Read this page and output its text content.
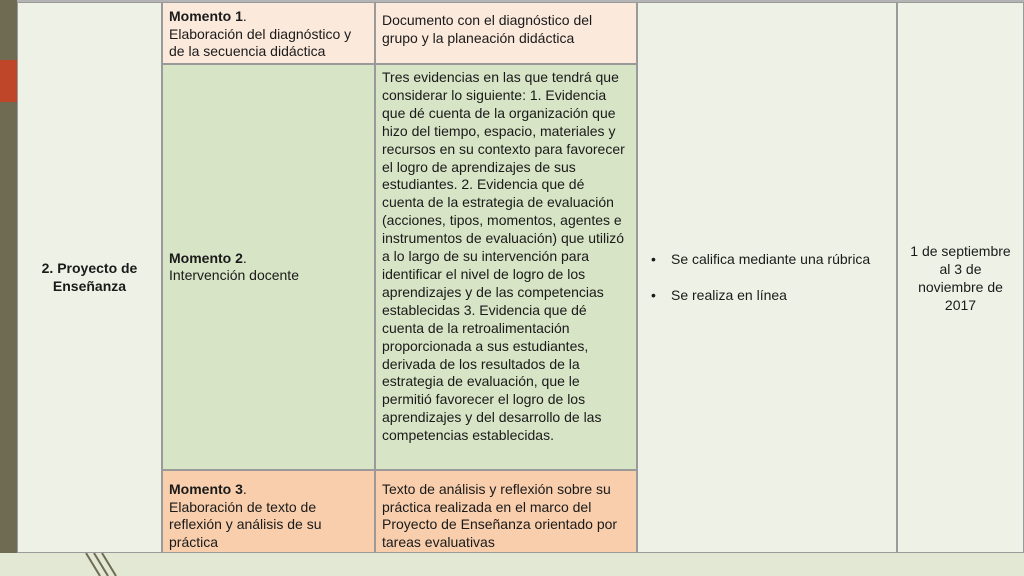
2. Proyecto de Enseñanza
Momento 1.
Elaboración del diagnóstico y de la secuencia didáctica
Documento con el diagnóstico del grupo y la planeación didáctica
Momento 2.
Intervención docente
Tres evidencias en las que tendrá que considerar lo siguiente: 1. Evidencia que dé cuenta de la organización que hizo del tiempo, espacio, materiales y recursos en su contexto para favorecer el logro de aprendizajes de sus estudiantes. 2. Evidencia que dé cuenta de la estrategia de evaluación (acciones, tipos, momentos, agentes e instrumentos de evaluación) que utilizó a lo largo de su intervención para identificar el nivel de logro de los aprendizajes y de las competencias establecidas 3. Evidencia que dé cuenta de la retroalimentación proporcionada a sus estudiantes, derivada de los resultados de la estrategia de evaluación, que le permitió favorecer el logro de los aprendizajes y del desarrollo de las competencias establecidas.
Momento 3.
Elaboración de texto de reflexión y análisis de su práctica
Texto de análisis y reflexión sobre su práctica realizada en el marco del Proyecto de Enseñanza orientado por tareas evaluativas
• Se califica mediante una rúbrica
• Se realiza en línea
1 de septiembre al 3 de noviembre de 2017
